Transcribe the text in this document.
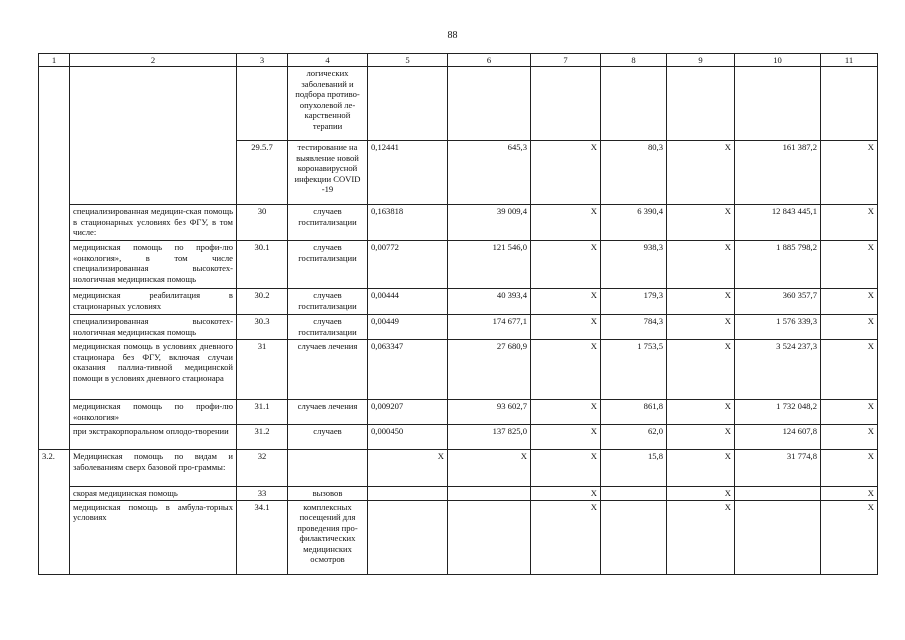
88
1	2	3	4	5	6	7	8	9	10	11
			логических заболеваний и подбора противо-опухолевой ле-карственной терапии							
		29.5.7	тестирование на выявление новой коронавирусной инфекции COVID -19	0,12441	645,3	X	80,3	X	161 387,2	X
	специализированная медицин-ская помощь в стационарных условиях без ФГУ, в том числе:	30	случаев госпитализации	0,163818	39 009,4	X	6 390,4	X	12 843 445,1	X
	медицинская помощь по профи-лю «онкология», в том числе специализированная высокотех-нологичная медицинская помощь	30.1	случаев госпитализации	0,00772	121 546,0	X	938,3	X	1 885 798,2	X
	медицинская реабилитация в стационарных условиях	30.2	случаев госпитализации	0,00444	40 393,4	X	179,3	X	360 357,7	X
	специализированная высокотех-нологичная медицинская помощь	30.3	случаев госпитализации	0,00449	174 677,1	X	784,3	X	1 576 339,3	X
	медицинская помощь в условиях дневного стационара без ФГУ, включая случаи оказания паллиа-тивной медицинской помощи в условиях дневного стационара	31	случаев лечения	0,063347	27 680,9	X	1 753,5	X	3 524 237,3	X
	медицинская помощь по профи-лю «онкология»	31.1	случаев лечения	0,009207	93 602,7	X	861,8	X	1 732 048,2	X
	при экстракорпоральном оплодо-творении	31.2	случаев	0,000450	137 825,0	X	62,0	X	124 607,8	X
3.2.	Медицинская помощь по видам и заболеваниям сверх базовой про-граммы:	32		X	X	X	15,8	X	31 774,8	X
	скорая медицинская помощь	33	вызовов			X		X		X
	медицинская помощь в амбула-торных условиях	34.1	комплексных посещений для проведения про-филактических медицинских осмотров			X		X		X
